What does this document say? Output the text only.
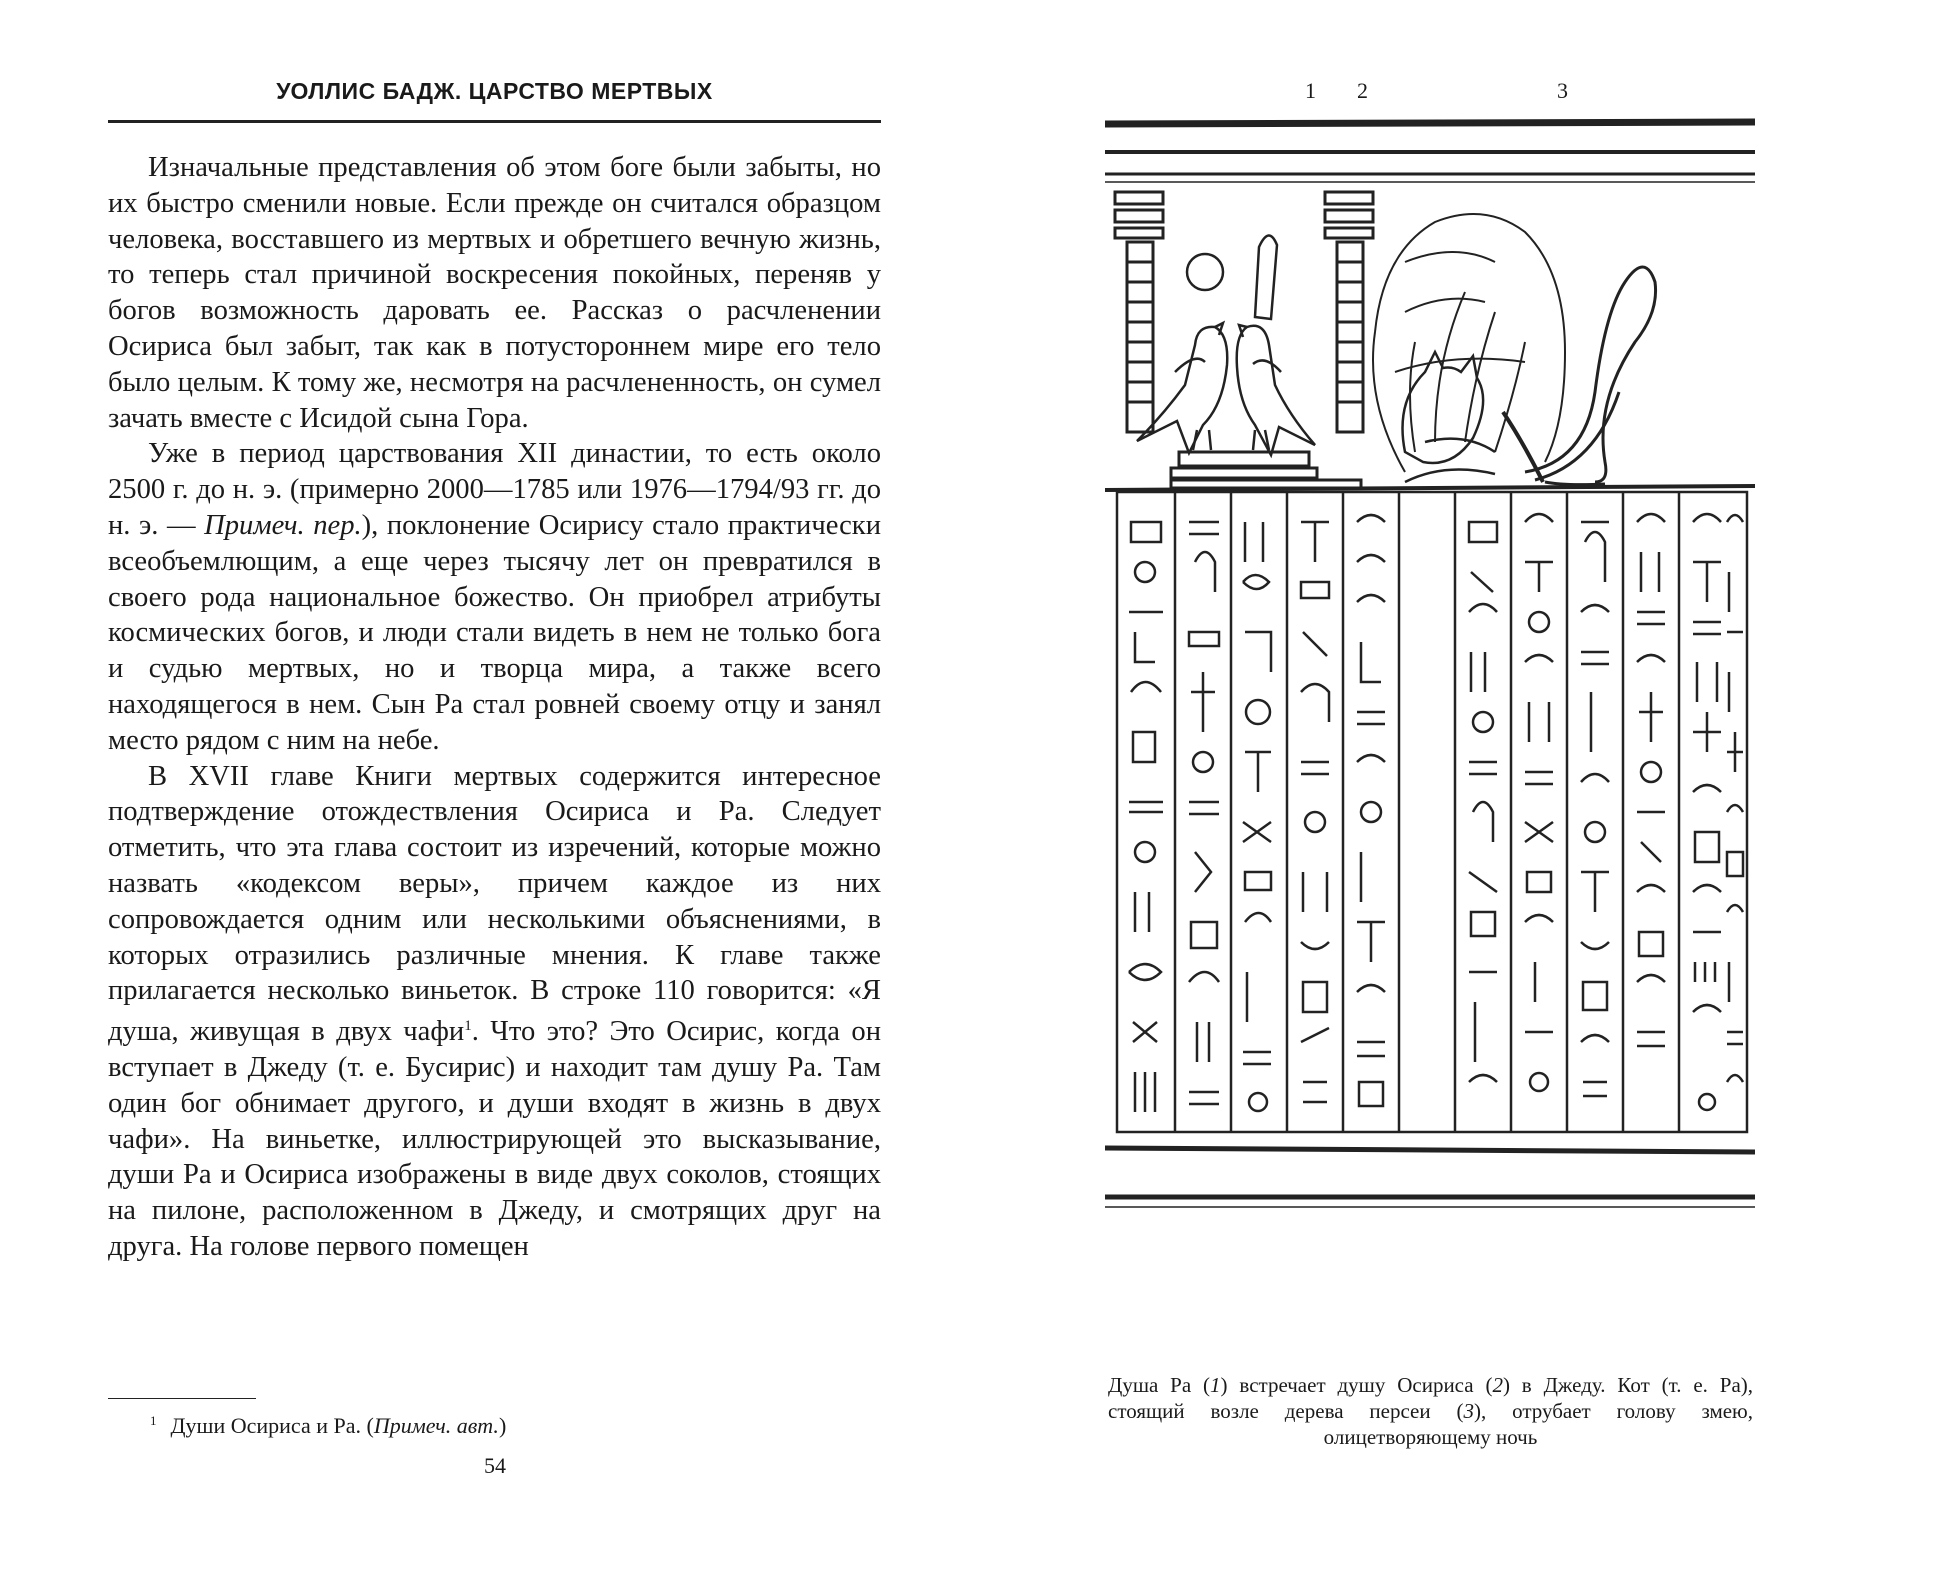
УОЛЛИС БАДЖ. ЦАРСТВО МЕРТВЫХ

Изначальные представления об этом боге были забыты, но их быстро сменили новые. Если прежде он считался образцом человека, восставшего из мертвых и обретшего вечную жизнь, то теперь стал причиной воскресения покойных, переняв у богов возможность даровать ее. Рассказ о расчленении Осириса был забыт, так как в потустороннем мире его тело было целым. К тому же, несмотря на расчлененность, он сумел зачать вместе с Исидой сына Гора.

Уже в период царствования XII династии, то есть около 2500 г. до н. э. (примерно 2000—1785 или 1976—1794/93 гг. до н. э. — Примеч. пер.), поклонение Осирису стало практически всеобъемлющим, а еще через тысячу лет он превратился в своего рода национальное божество. Он приобрел атрибуты космических богов, и люди стали видеть в нем не только бога и судью мертвых, но и творца мира, а также всего находящегося в нем. Сын Ра стал ровней своему отцу и занял место рядом с ним на небе.

В XVII главе Книги мертвых содержится интересное подтверждение отождествления Осириса и Ра. Следует отметить, что эта глава состоит из изречений, которые можно назвать «кодексом веры», причем каждое из них сопровождается одним или несколькими объяснениями, в которых отразились различные мнения. К главе также прилагается несколько виньеток. В строке 110 говорится: «Я душа, живущая в двух чафи$^1$. Что это? Это Осирис, когда он вступает в Джеду (т. е. Бусирис) и находит там душу Ра. Там один бог обнимает другого, и души входят в жизнь в двух чафи». На виньетке, иллюстрирующей это высказывание, души Ра и Осириса изображены в виде двух соколов, стоящих на пилоне, расположенном в Джеду, и смотрящих друг на друга. На голове первого помещен

$^1$ Души Осириса и Ра. (Примеч. авт.)
54
1 2	3
Душа Ра (1) встречает душу Осириса (2) в Джеду. Кот (т. е. Ра), стоящий возле дерева персеи (3), отрубает голову змею, олицетворяющему ночь
